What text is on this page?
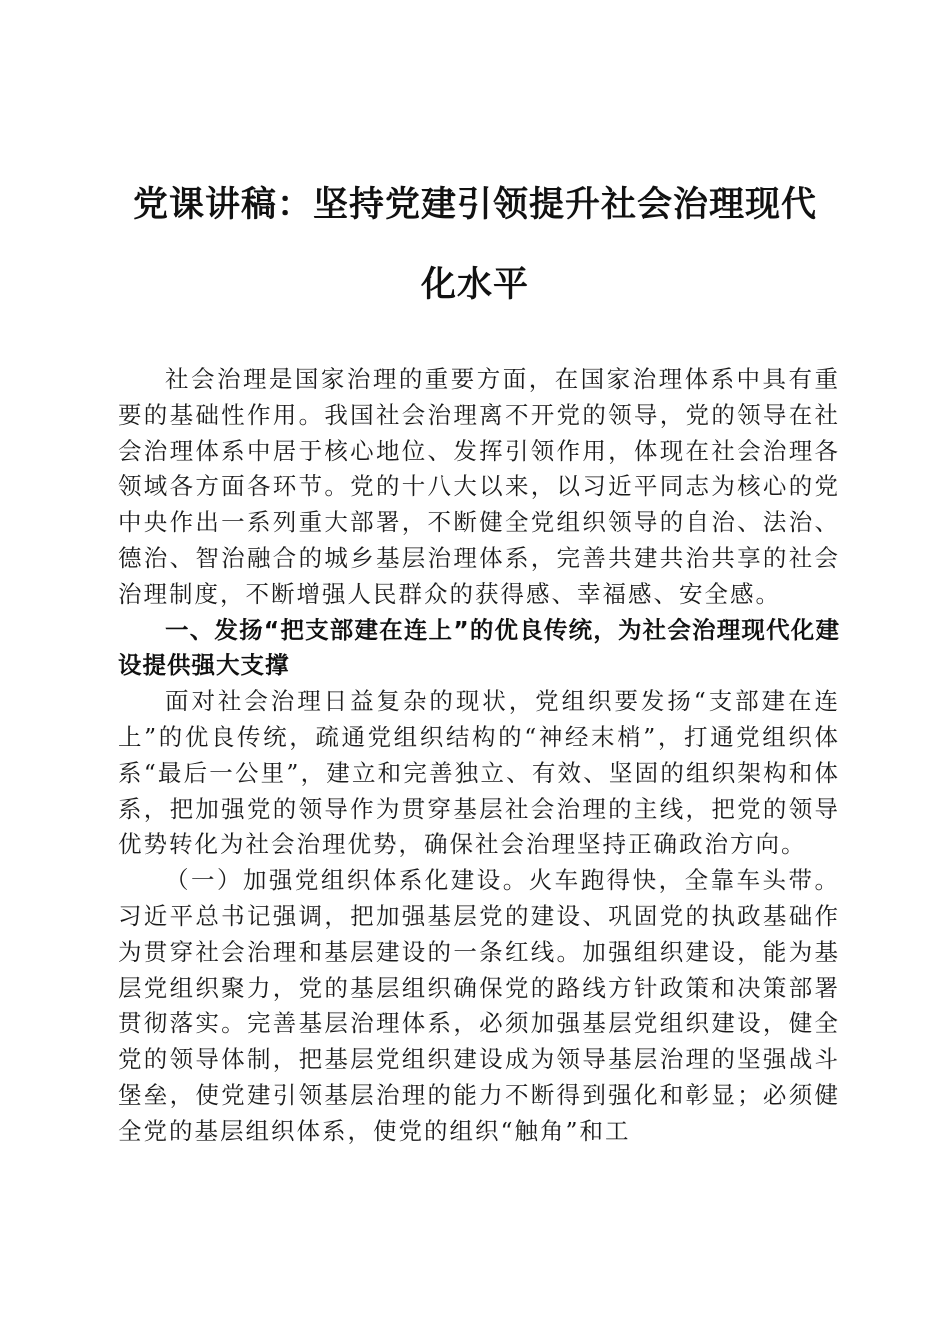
党课讲稿：坚持党建引领提升社会治理现代化水平

社会治理是国家治理的重要方面，在国家治理体系中具有重要的基础性作用。我国社会治理离不开党的领导，党的领导在社会治理体系中居于核心地位、发挥引领作用，体现在社会治理各领域各方面各环节。党的十八大以来，以习近平同志为核心的党中央作出一系列重大部署，不断健全党组织领导的自治、法治、德治、智治融合的城乡基层治理体系，完善共建共治共享的社会治理制度，不断增强人民群众的获得感、幸福感、安全感。

一、发扬“把支部建在连上”的优良传统，为社会治理现代化建设提供强大支撑

面对社会治理日益复杂的现状，党组织要发扬“支部建在连上”的优良传统，疏通党组织结构的“神经末梢”，打通党组织体系“最后一公里”，建立和完善独立、有效、坚固的组织架构和体系，把加强党的领导作为贯穿基层社会治理的主线，把党的领导优势转化为社会治理优势，确保社会治理坚持正确政治方向。

（一）加强党组织体系化建设。火车跑得快，全靠车头带。习近平总书记强调，把加强基层党的建设、巩固党的执政基础作为贯穿社会治理和基层建设的一条红线。加强组织建设，能为基层党组织聚力，党的基层组织确保党的路线方针政策和决策部署贯彻落实。完善基层治理体系，必须加强基层党组织建设，健全党的领导体制，把基层党组织建设成为领导基层治理的坚强战斗堡垒，使党建引领基层治理的能力不断得到强化和彰显；必须健全党的基层组织体系，使党的组织“触角”和工
